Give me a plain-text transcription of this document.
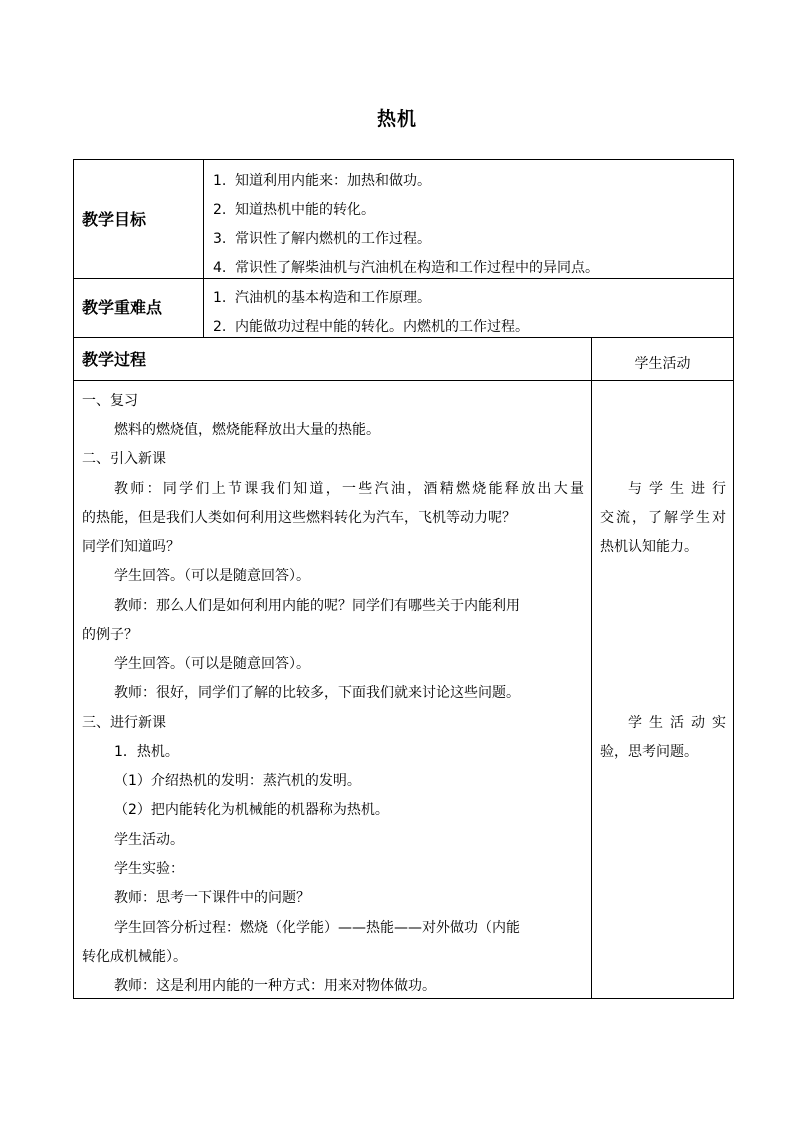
热机
教学目标
1. 知道利用内能来：加热和做功。
2. 知道热机中能的转化。
3. 常识性了解内燃机的工作过程。
4. 常识性了解柴油机与汽油机在构造和工作过程中的异同点。
教学重难点	1. 汽油机的基本构造和工作原理。
2. 内能做功过程中能的转化。内燃机的工作过程。
教学过程	学生活动
一、复习
燃料的燃烧值，燃烧能释放出大量的热能。
二、引入新课
教师：同学们上节课我们知道，一些汽油，酒精燃烧能释放出大量
的热能，但是我们人类如何利用这些燃料转化为汽车，飞机等动力呢？
同学们知道吗？
学生回答。（可以是随意回答）。
教师：那么人们是如何利用内能的呢？同学们有哪些关于内能利用
的例子？
学生回答。（可以是随意回答）。
教师：很好，同学们了解的比较多，下面我们就来讨论这些问题。
三、进行新课
1．热机。
（1）介绍热机的发明：蒸汽机的发明。
（2）把内能转化为机械能的机器称为热机。
学生活动。
学生实验：
教师：思考一下课件中的问题？
学生回答分析过程：燃烧（化学能）——热能——对外做功（内能
转化成机械能）。
教师：这是利用内能的一种方式：用来对物体做功。
与学生进行
交流，了解学生对
热机认知能力。
学生活动实
验，思考问题。
